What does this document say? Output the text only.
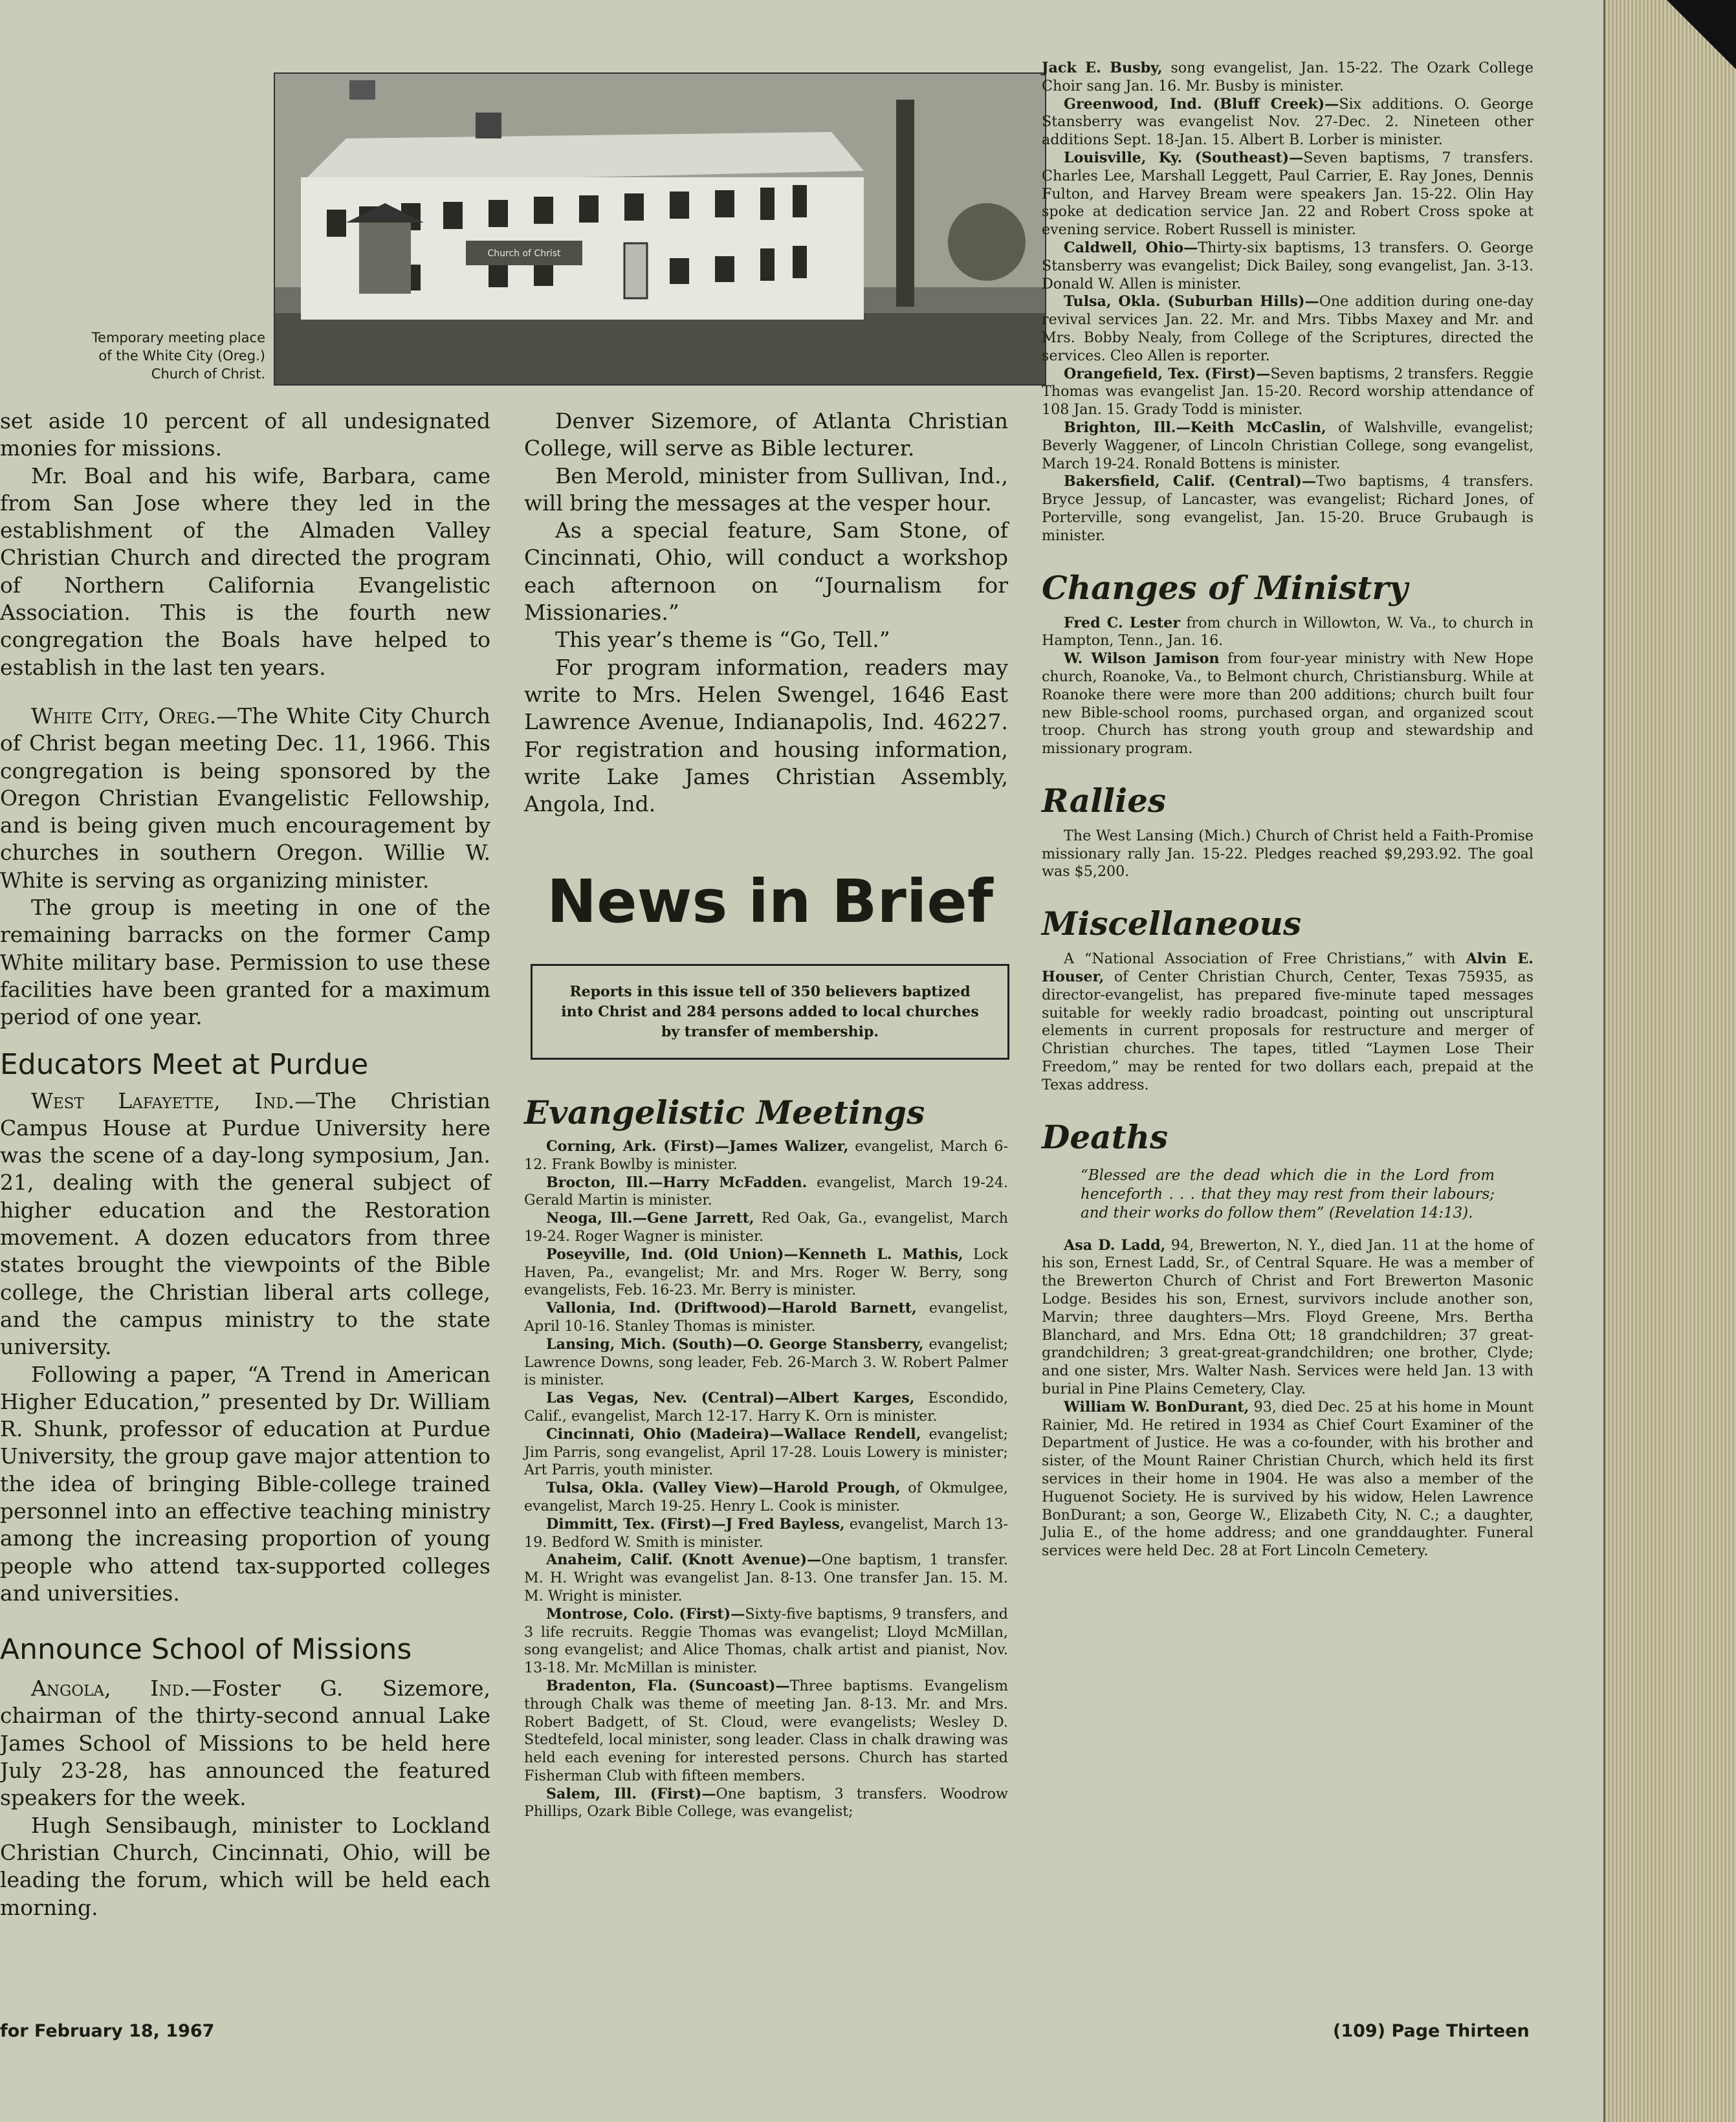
Church of Christ

Temporary meeting place
of the White City (Oreg.)
Church of Christ.

set aside 10 percent of all undesignated monies for missions.

Mr. Boal and his wife, Barbara, came from San Jose where they led in the establishment of the Almaden Valley Christian Church and directed the program of Northern California Evangelistic Association. This is the fourth new congregation the Boals have helped to establish in the last ten years.

White City, Oreg.—The White City Church of Christ began meeting Dec. 11, 1966. This congregation is being sponsored by the Oregon Christian Evangelistic Fellowship, and is being given much encouragement by churches in southern Oregon. Willie W. White is serving as organizing minister.

The group is meeting in one of the remaining barracks on the former Camp White military base. Permission to use these facilities have been granted for a maximum period of one year.

Educators Meet at Purdue

West Lafayette, Ind.—The Christian Campus House at Purdue University here was the scene of a day-long symposium, Jan. 21, dealing with the general subject of higher education and the Restoration movement. A dozen educators from three states brought the viewpoints of the Bible college, the Christian liberal arts college, and the campus ministry to the state university.

Following a paper, “A Trend in American Higher Education,” presented by Dr. William R. Shunk, professor of education at Purdue University, the group gave major attention to the idea of bringing Bible-college trained personnel into an effective teaching ministry among the increasing proportion of young people who attend tax-supported colleges and universities.

Announce School of Missions

Angola, Ind.—Foster G. Sizemore, chairman of the thirty-second annual Lake James School of Missions to be held here July 23-28, has announced the featured speakers for the week.

Hugh Sensibaugh, minister to Lockland Christian Church, Cincinnati, Ohio, will be leading the forum, which will be held each morning.

Denver Sizemore, of Atlanta Christian College, will serve as Bible lecturer.

Ben Merold, minister from Sullivan, Ind., will bring the messages at the vesper hour.

As a special feature, Sam Stone, of Cincinnati, Ohio, will conduct a workshop each afternoon on “Journalism for Missionaries.”

This year’s theme is “Go, Tell.”

For program information, readers may write to Mrs. Helen Swengel, 1646 East Lawrence Avenue, Indianapolis, Ind. 46227. For registration and housing information, write Lake James Christian Assembly, Angola, Ind.

News in Brief
Reports in this issue tell of 350 believers baptized into Christ and 284 persons added to local churches by transfer of membership.
Evangelistic Meetings

Corning, Ark. (First)—James Walizer, evangelist, March 6-12. Frank Bowlby is minister.

Brocton, Ill.—Harry McFadden. evangelist, March 19-24. Gerald Martin is minister.

Neoga, Ill.—Gene Jarrett, Red Oak, Ga., evangelist, March 19-24. Roger Wagner is minister.

Poseyville, Ind. (Old Union)—Kenneth L. Mathis, Lock Haven, Pa., evangelist; Mr. and Mrs. Roger W. Berry, song evangelists, Feb. 16-23. Mr. Berry is minister.

Vallonia, Ind. (Driftwood)—Harold Barnett, evangelist, April 10-16. Stanley Thomas is minister.

Lansing, Mich. (South)—O. George Stansberry, evangelist; Lawrence Downs, song leader, Feb. 26-March 3. W. Robert Palmer is minister.

Las Vegas, Nev. (Central)—Albert Karges, Escondido, Calif., evangelist, March 12-17. Harry K. Orn is minister.

Cincinnati, Ohio (Madeira)—Wallace Rendell, evangelist; Jim Parris, song evangelist, April 17-28. Louis Lowery is minister; Art Parris, youth minister.

Tulsa, Okla. (Valley View)—Harold Prough, of Okmulgee, evangelist, March 19-25. Henry L. Cook is minister.

Dimmitt, Tex. (First)—J Fred Bayless, evangelist, March 13-19. Bedford W. Smith is minister.

Anaheim, Calif. (Knott Avenue)—One baptism, 1 transfer. M. H. Wright was evangelist Jan. 8-13. One transfer Jan. 15. M. M. Wright is minister.

Montrose, Colo. (First)—Sixty-five baptisms, 9 transfers, and 3 life recruits. Reggie Thomas was evangelist; Lloyd McMillan, song evangelist; and Alice Thomas, chalk artist and pianist, Nov. 13-18. Mr. McMillan is minister.

Bradenton, Fla. (Suncoast)—Three baptisms. Evangelism through Chalk was theme of meeting Jan. 8-13. Mr. and Mrs. Robert Badgett, of St. Cloud, were evangelists; Wesley D. Stedtefeld, local minister, song leader. Class in chalk drawing was held each evening for interested persons. Church has started Fisherman Club with fifteen members.

Salem, Ill. (First)—One baptism, 3 transfers. Woodrow Phillips, Ozark Bible College, was evangelist;

Jack E. Busby, song evangelist, Jan. 15-22. The Ozark College Choir sang Jan. 16. Mr. Busby is minister.

Greenwood, Ind. (Bluff Creek)—Six additions. O. George Stansberry was evangelist Nov. 27-Dec. 2. Nineteen other additions Sept. 18-Jan. 15. Albert B. Lorber is minister.

Louisville, Ky. (Southeast)—Seven baptisms, 7 transfers. Charles Lee, Marshall Leggett, Paul Carrier, E. Ray Jones, Dennis Fulton, and Harvey Bream were speakers Jan. 15-22. Olin Hay spoke at dedication service Jan. 22 and Robert Cross spoke at evening service. Robert Russell is minister.

Caldwell, Ohio—Thirty-six baptisms, 13 transfers. O. George Stansberry was evangelist; Dick Bailey, song evangelist, Jan. 3-13. Donald W. Allen is minister.

Tulsa, Okla. (Suburban Hills)—One addition during one-day revival services Jan. 22. Mr. and Mrs. Tibbs Maxey and Mr. and Mrs. Bobby Nealy, from College of the Scriptures, directed the services. Cleo Allen is reporter.

Orangefield, Tex. (First)—Seven baptisms, 2 transfers. Reggie Thomas was evangelist Jan. 15-20. Record worship attendance of 108 Jan. 15. Grady Todd is minister.

Brighton, Ill.—Keith McCaslin, of Walshville, evangelist; Beverly Waggener, of Lincoln Christian College, song evangelist, March 19-24. Ronald Bottens is minister.

Bakersfield, Calif. (Central)—Two baptisms, 4 transfers. Bryce Jessup, of Lancaster, was evangelist; Richard Jones, of Porterville, song evangelist, Jan. 15-20. Bruce Grubaugh is minister.

Changes of Ministry

Fred C. Lester from church in Willowton, W. Va., to church in Hampton, Tenn., Jan. 16.

W. Wilson Jamison from four-year ministry with New Hope church, Roanoke, Va., to Belmont church, Christiansburg. While at Roanoke there were more than 200 additions; church built four new Bible-school rooms, purchased organ, and organized scout troop. Church has strong youth group and stewardship and missionary program.

Rallies

The West Lansing (Mich.) Church of Christ held a Faith-Promise missionary rally Jan. 15-22. Pledges reached $9,293.92. The goal was $5,200.

Miscellaneous

A “National Association of Free Christians,” with Alvin E. Houser, of Center Christian Church, Center, Texas 75935, as director-evangelist, has prepared five-minute taped messages suitable for weekly radio broadcast, pointing out unscriptural elements in current proposals for restructure and merger of Christian churches. The tapes, titled “Laymen Lose Their Freedom,” may be rented for two dollars each, prepaid at the Texas address.

Deaths

“Blessed are the dead which die in the Lord from henceforth . . . that they may rest from their labours; and their works do follow them” (Revelation 14:13).

Asa D. Ladd, 94, Brewerton, N. Y., died Jan. 11 at the home of his son, Ernest Ladd, Sr., of Central Square. He was a member of the Brewerton Church of Christ and Fort Brewerton Masonic Lodge. Besides his son, Ernest, survivors include another son, Marvin; three daughters—Mrs. Floyd Greene, Mrs. Bertha Blanchard, and Mrs. Edna Ott; 18 grandchildren; 37 great-grandchildren; 3 great-great-grandchildren; one brother, Clyde; and one sister, Mrs. Walter Nash. Services were held Jan. 13 with burial in Pine Plains Cemetery, Clay.

William W. BonDurant, 93, died Dec. 25 at his home in Mount Rainier, Md. He retired in 1934 as Chief Court Examiner of the Department of Justice. He was a co-founder, with his brother and sister, of the Mount Rainer Christian Church, which held its first services in their home in 1904. He was also a member of the Huguenot Society. He is survived by his widow, Helen Lawrence BonDurant; a son, George W., Elizabeth City, N. C.; a daughter, Julia E., of the home address; and one granddaughter. Funeral services were held Dec. 28 at Fort Lincoln Cemetery.

for February 18, 1967	(109) Page Thirteen
